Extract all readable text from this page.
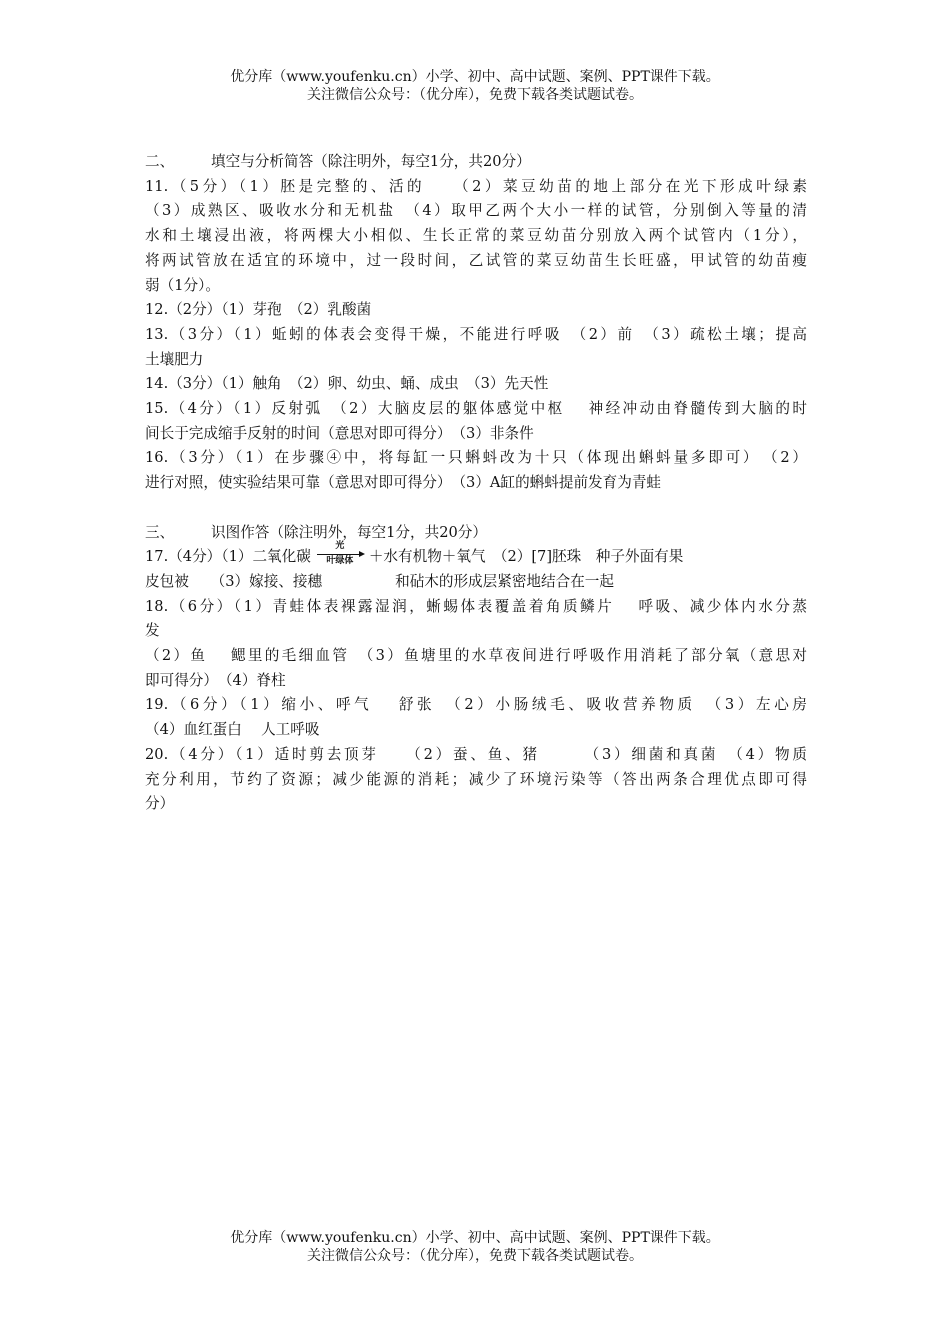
优分库（www.youfenku.cn）小学、初中、高中试题、案例、PPT课件下载。
关注微信公众号：（优分库），免费下载各类试题试卷。
二、	填空与分析简答（除注明外，每空1分，共20分）
11.（5分）（1）胚是完整的、活的　　（2）菜豆幼苗的地上部分在光下形成叶绿素
（3）成熟区、吸收水分和无机盐　（4）取甲乙两个大小一样的试管，分别倒入等量的清
水和土壤浸出液，将两棵大小相似、生长正常的菜豆幼苗分别放入两个试管内（1分），
将两试管放在适宜的环境中，过一段时间，乙试管的菜豆幼苗生长旺盛，甲试管的幼苗瘦
弱（1分）。
12.（2分）（1）芽孢　（2）乳酸菌
13.（3分）（1）蚯蚓的体表会变得干燥，不能进行呼吸　（2）前　（3）疏松土壤；提高
土壤肥力
14.（3分）（1）触角　（2）卵、幼虫、蛹、成虫　（3）先天性
15.（4分）（1）反射弧　（2）大脑皮层的躯体感觉中枢　 神经冲动由脊髓传到大脑的时
间长于完成缩手反射的时间（意思对即可得分）　（3）非条件
16.（3分）（1）在步骤④中，将每缸一只蝌蚪改为十只（体现出蝌蚪量多即可）　（2）
进行对照，使实验结果可靠（意思对即可得分）　（3）A缸的蝌蚪提前发育为青蛙
三、	识图作答（除注明外，每空1分，共20分）
17.（4分）（1）二氧化碳
光
叶绿体	＋水有机物＋氧气　（2）[7]胚珠　种子外面有果
皮包被　　（3）嫁接、接穗　　　　　和砧木的形成层紧密地结合在一起
18.（6分）（1）青蛙体表裸露湿润，蜥蜴体表覆盖着角质鳞片　 呼吸、减少体内水分蒸
发
（2）鱼　 鳃里的毛细血管　（3）鱼塘里的水草夜间进行呼吸作用消耗了部分氧（意思对
即可得分）　（4）脊柱
19.（6分）（1）缩小、呼气　 舒张　（2）小肠绒毛、吸收营养物质　（3）左心房
（4）血红蛋白　 人工呼吸
20.（4分）（1）适时剪去顶芽　　（2）蚕、鱼、猪　　　（3）细菌和真菌　（4）物质
充分利用，节约了资源；减少能源的消耗；减少了环境污染等（答出两条合理优点即可得
分）
优分库（www.youfenku.cn）小学、初中、高中试题、案例、PPT课件下载。
关注微信公众号：（优分库），免费下载各类试题试卷。
